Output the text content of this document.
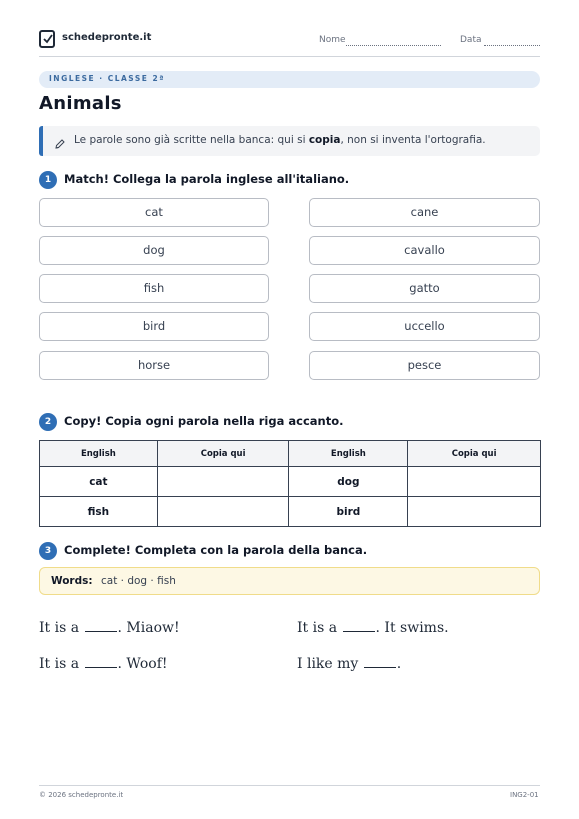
schedepronte.it	Nome	Data
INGLESE · CLASSE 2ª
Animals
Le parole sono già scritte nella banca: qui si copia, non si inventa l'ortografia.
1	Match! Collega la parola inglese all'italiano.
cat
dog
fish
bird
horse
cane
cavallo
gatto
uccello
pesce
2	Copy! Copia ogni parola nella riga accanto.
English	Copia qui	English	Copia qui
cat		dog	
fish		bird	
3	Complete! Completa con la parola della banca.
Words: cat · dog · fish
It is a	. Miaow!	It is a	. It swims.
It is a	. Woof!	I like my	.
© 2026 schedepronte.it	ING2-01
